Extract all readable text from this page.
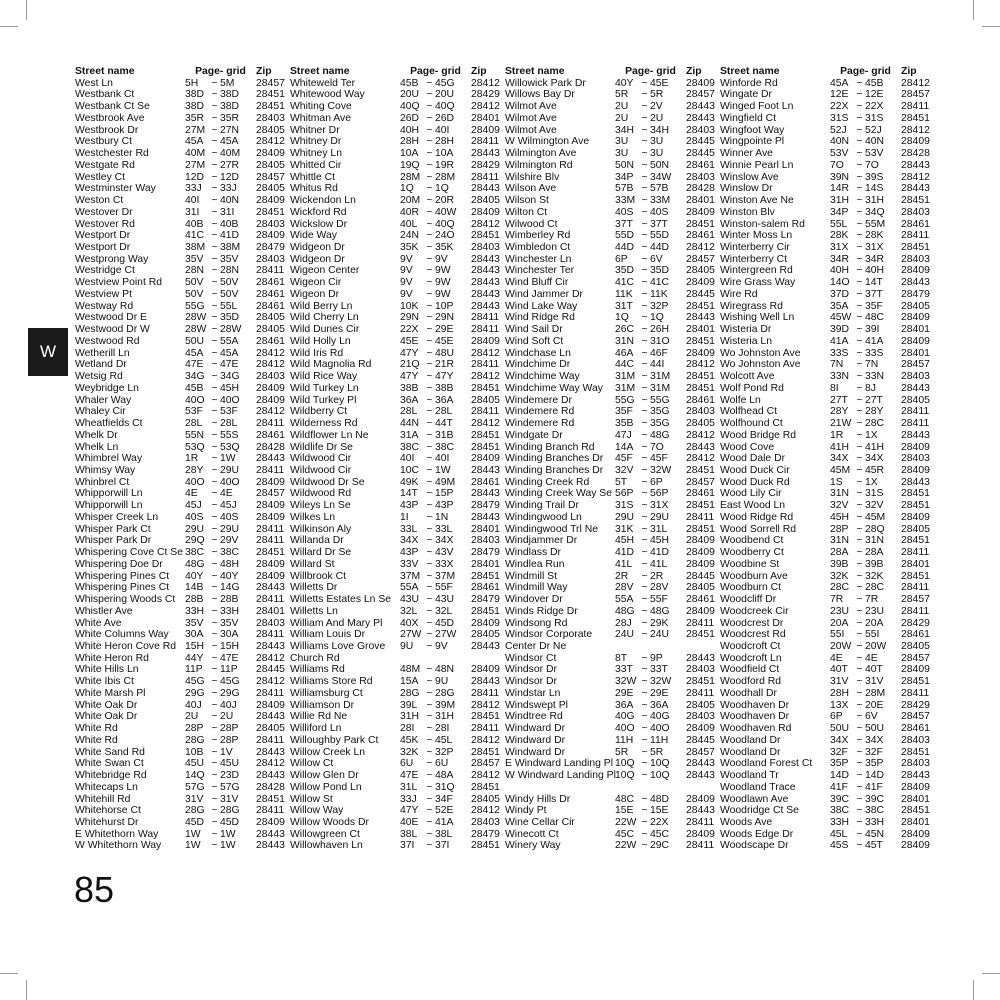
W
Street name	Page- grid Zip
West Ln	5H	~ 5M	28457
Westbank Ct	38D ~ 38D	28451
Westbank Ct Se	38D ~ 38D	28451
Westbrook Ave	35R ~ 35R	28403
Westbrook Dr	27M ~ 27N	28405
Westbury Ct	45A ~ 45A	28412
Westchester Rd	40M ~ 40M	28409
Westgate Rd	27M ~ 27R	28405
Westley Ct	12D ~ 12D	28457
Westminster Way	33J ~ 33J	28405
Weston Ct	40I	~ 40N	28409
Westover Dr	31I	~ 31I	28451
Westover Rd	40B ~ 40B	28403
Westport Dr	41C ~ 41D	28409
Westport Dr	38M ~ 38M	28479
Westprong Way	35V ~ 35V	28403
Westridge Ct	28N ~ 28N	28411
Westview Point Rd	50V ~ 50V	28461
Westview Pt	50V ~ 50V	28461
Westway Rd	55G ~ 55L	28461
Westwood Dr E	28W ~ 35D	28405
Westwood Dr W	28W ~ 28W	28405
Westwood Rd	50U ~ 55A	28461
Wetherill Ln	45A ~ 45A	28412
Wetland Dr	47E ~ 47E	28412
Wetsig Rd	34G ~ 34G	28403
Weybridge Ln	45B ~ 45H	28409
Whaler Way	40O ~ 40O	28409
Whaley Cir	53F ~ 53F	28412
Wheatfields Ct	28L ~ 28L	28411
Whelk Dr	55N ~ 55S	28461
Whelk Ln	53Q ~ 53Q	28428
Whimbrel Way	1R	~ 1W	28443
Whimsy Way	28Y ~ 29U	28411
Whinbrel Ct	40O ~ 40O	28409
Whipporwill Ln	4E	~ 4E	28457
Whipporwill Ln	45J ~ 45J	28409
Whisper Creek Ln	40S ~ 40S	28409
Whisper Park Ct	29U ~ 29U	28411
Whisper Park Dr	29Q ~ 29V	28411
Whispering Cove Ct Se 38C ~ 38C	28451
Whispering Doe Dr	48G ~ 48H	28409
Whispering Pines Ct	40Y ~ 40Y	28409
Whispering Pines Ct	14B ~ 14G	28443
Whispering Woods Ct 28B ~ 28B	28411
Whistler Ave	33H ~ 33H	28401
White Ave	35V ~ 35V	28403
White Columns Way	30A ~ 30A	28411
White Heron Cove Rd 15H ~ 15H	28443
White Heron Rd	44Y ~ 47E	28412
White Hills Ln	11P ~ 11P	28445
White Ibis Ct	45G ~ 45G	28412
White Marsh Pl	29G ~ 29G	28411
White Oak Dr	40J ~ 40J	28409
White Oak Dr	2U	~ 2U	28443
White Rd	28P ~ 28P	28405
White Rd	28G ~ 28P	28411
White Sand Rd	10B ~ 1V	28443
White Swan Ct	45U ~ 45U	28412
Whitebridge Rd	14Q ~ 23D	28443
Whitecaps Ln	57G ~ 57G	28428
Whitehill Rd	31V ~ 31V	28451
Whitehorse Ct	28G ~ 28G	28411
Whitehurst Dr	45D ~ 45D	28409
E Whitethorn Way	1W	~ 1W	28443
W Whitethorn Way	1W	~ 1W	28443
Street name	Page- grid Zip
Whiteweld Ter	45B ~ 45G	28412
Whitewood Way	20U ~ 20U	28429
Whiting Cove	40Q ~ 40Q	28412
Whitman Ave	26D ~ 26D	28401
Whitner Dr	40H ~ 40I	28409
Whitney Dr	28H ~ 28H	28411
Whitney Ln	10A ~ 10A	28443
Whitted Cir	19Q ~ 19R	28429
Whittle Ct	28M ~ 28M	28411
Whitus Rd	1Q	~ 1Q	28443
Wickendon Ln	20M ~ 20R	28405
Wickford Rd	40R ~ 40W	28409
Wickslow Dr	40L ~ 40Q	28412
Wide Way	24N ~ 24O	28451
Widgeon Dr	35K ~ 35K	28403
Widgeon Dr	9V	~ 9V	28443
Wigeon Center	9V	~ 9W	28443
Wigeon Cir	9V	~ 9W	28443
Wigeon Dr	9V	~ 9W	28443
Wild Berry Ln	10K ~ 10P	28443
Wild Cherry Ln	29N ~ 29N	28411
Wild Dunes Cir	22X ~ 29E	28411
Wild Holly Ln	45E ~ 45E	28409
Wild Iris Rd	47Y ~ 48U	28412
Wild Magnolia Rd	21Q ~ 21R	28411
Wild Rice Way	47Y ~ 47Y	28412
Wild Turkey Ln	38B ~ 38B	28451
Wild Turkey Pl	36A ~ 36A	28405
Wildberry Ct	28L ~ 28L	28411
Wilderness Rd	44N ~ 44T	28412
Wildflower Ln Ne	31A ~ 31B	28451
Wildlife Dr Se	38C ~ 38C	28451
Wildwood Cir	40I	~ 40I	28409
Wildwood Cir	10C ~ 1W	28443
Wildwood Dr Se	49K ~ 49M	28461
Wildwood Rd	14T ~ 15P	28443
Wileys Ln Se	43P ~ 43P	28479
Wilkes Ln	1I	~ 1N	28443
Wilkinson Aly	33L ~ 33L	28401
Willanda Dr	34X ~ 34X	28403
Willard Dr Se	43P ~ 43V	28479
Willard St	33V ~ 33X	28401
Willbrook Ct	37M ~ 37M	28451
Willetts Dr	55A ~ 55F	28461
Willetts Estates Ln Se 43U ~ 43U	28479
Willetts Ln	32L ~ 32L	28451
William And Mary Pl	40X ~ 45D	28409
William Louis Dr	27W ~ 27W	28405
Williams Love Grove	9U	~ 9V	28443
Church Rd
Williams Rd	48M ~ 48N	28409
Williams Store Rd	15A ~ 9U	28443
Williamsburg Ct	28G ~ 28G	28411
Williamson Dr	39L ~ 39M	28412
Willie Rd Ne	31H ~ 31H	28451
Williford Ln	28I	~ 28I	28411
Willoughby Park Ct	45K ~ 45L	28412
Willow Creek Ln	32K ~ 32P	28451
Willow Ct	6U	~ 6U	28457
Willow Glen Dr	47E ~ 48A	28412
Willow Pond Ln	31L ~ 31Q	28451
Willow St	33J ~ 34F	28405
Willow Way	47Y ~ 52E	28412
Willow Woods Dr	40E ~ 41A	28403
Willowgreen Ct	38L ~ 38L	28479
Willowhaven Ln	37I	~ 37I	28451
Street name	Page- grid Zip
Willowick Park Dr	40Y ~ 45E	28409
Willows Bay Dr	5R	~ 5R	28457
Wilmot Ave	2U	~ 2V	28443
Wilmot Ave	2U	~ 2U	28443
Wilmot Ave	34H ~ 34H	28403
W Wilmington Ave	3U	~ 3U	28445
Wilmington Ave	3U	~ 3U	28445
Wilmington Rd	50N ~ 50N	28461
Wilshire Blv	34P ~ 34W	28403
Wilson Ave	57B ~ 57B	28428
Wilson St	33M ~ 33M	28401
Wilton Ct	40S ~ 40S	28409
Wilwood Ct	37T ~ 37T	28451
Wimberley Rd	55D ~ 55D	28461
Wimbledon Ct	44D ~ 44D	28412
Winchester Ln	6P	~ 6V	28457
Winchester Ter	35D ~ 35D	28405
Wind Bluff Cir	41C ~ 41C	28409
Wind Jammer Dr	11K ~ 11K	28445
Wind Lake Way	31T ~ 32P	28451
Wind Ridge Rd	1Q	~ 1Q	28443
Wind Sail Dr	26C ~ 26H	28401
Wind Soft Ct	31N ~ 31O	28451
Windchase Ln	46A ~ 46F	28409
Windchime Dr	44C ~ 44I	28412
Windchime Way	31M ~ 31M	28451
Windchime Way Way	31M ~ 31M	28451
Windemere Dr	55G ~ 55G	28461
Windemere Rd	35F ~ 35G	28403
Windemere Rd	35B ~ 35G	28405
Windgate Dr	47J ~ 48G	28412
Winding Branch Rd	14A ~ 7O	28443
Winding Branches Dr	45F ~ 45F	28412
Winding Branches Dr	32V ~ 32W	28451
Winding Creek Rd	5T	~ 6P	28457
Winding Creek Way Se 56P ~ 56P	28461
Winding Trail Dr	31S ~ 31X	28451
Windingwood Ln	29U ~ 29U	28411
Windingwood Trl Ne	31K ~ 31L	28451
Windjammer Dr	45H ~ 45H	28409
Windlass Dr	41D ~ 41D	28409
Windlea Run	41L ~ 41L	28409
Windmill St	2R	~ 2R	28445
Windmill Way	28V ~ 28V	28405
Windover Dr	55A ~ 55F	28461
Winds Ridge Dr	48G ~ 48G	28409
Windsong Rd	28J ~ 29K	28411
Windsor Corporate	24U ~ 24U	28451
Center Dr Ne
Windsor Ct	8T	~ 9P	28443
Windsor Dr	33T ~ 33T	28403
Windsor Dr	32W ~ 32W	28451
Windstar Ln	29E ~ 29E	28411
Windswept Pl	36A ~ 36A	28405
Windtree Rd	40G ~ 40G	28403
Windward Dr	40O ~ 40O	28409
Windward Dr	11H ~ 11H	28445
Windward Dr	5R	~ 5R	28457
E Windward Landing Pl 10Q ~ 10Q	28443
W Windward Landing Pl 10Q ~ 10Q	28443
Windy Hills Dr	48C ~ 48D	28409
Windy Pt	15E ~ 15E	28443
Wine Cellar Cir	22W ~ 22X	28411
Winecott Ct	45C ~ 45C	28409
Winery Way	22W ~ 29C	28411
Street name	Page- grid Zip
Winforde Rd	45A ~ 45B	28412
Wingate Dr	12E ~ 12E	28457
Winged Foot Ln	22X ~ 22X	28411
Wingfield Ct	31S ~ 31S	28451
Wingfoot Way	52J ~ 52J	28412
Wingpointe Pl	40N ~ 40N	28409
Winner Ave	53V ~ 53V	28428
Winnie Pearl Ln	7O	~ 7O	28443
Winslow Ave	39N ~ 39S	28412
Winslow Dr	14R ~ 14S	28443
Winston Ave Ne	31H ~ 31H	28451
Winston Blv	34P ~ 34Q	28403
Winston-salem Rd	55L ~ 55M	28461
Winter Moss Ln	28K ~ 28K	28411
Winterberry Cir	31X ~ 31X	28451
Winterberry Ct	34R ~ 34R	28403
Wintergreen Rd	40H ~ 40H	28409
Wire Grass Way	14O ~ 14T	28443
Wire Rd	37D ~ 37T	28479
Wiregrass Rd	35A ~ 35F	28405
Wishing Well Ln	45W ~ 48C	28409
Wisteria Dr	39D ~ 39I	28401
Wisteria Ln	41A ~ 41A	28409
Wo Johnston Ave	33S ~ 33S	28401
Wo Johnston Ave	7N	~ 7N	28457
Wolcott Ave	33N ~ 33N	28403
Wolf Pond Rd	8I	~ 8J	28443
Wolfe Ln	27T ~ 27T	28405
Wolfhead Ct	28Y ~ 28Y	28411
Wolfhound Ct	21W ~ 28C	28411
Wood Bridge Rd	1R	~ 1X	28443
Wood Cove	41H ~ 41H	28409
Wood Dale Dr	34X ~ 34X	28403
Wood Duck Cir	45M ~ 45R	28409
Wood Duck Rd	1S	~ 1X	28443
Wood Lily Cir	31N ~ 31S	28451
East Wood Ln	32V ~ 32V	28451
Wood Ridge Rd	45H ~ 45M	28409
Wood Sorrell Rd	28P ~ 28Q	28405
Woodbend Ct	31N ~ 31N	28451
Woodberry Ct	28A ~ 28A	28411
Woodbine St	39B ~ 39B	28401
Woodburn Ave	32K ~ 32K	28451
Woodburn Ct	28C ~ 28C	28411
Woodcliff Dr	7R	~ 7R	28457
Woodcreek Cir	23U ~ 23U	28411
Woodcrest Dr	20A ~ 20A	28429
Woodcrest Rd	55I	~ 55I	28461
Woodcroft Ct	20W ~ 20W	28405
Woodcroft Ln	4E	~ 4E	28457
Woodfield Ct	40T ~ 40T	28409
Woodford Rd	31V ~ 31V	28451
Woodhall Dr	28H ~ 28M	28411
Woodhaven Dr	13X ~ 20E	28429
Woodhaven Dr	6P	~ 6V	28457
Woodhaven Rd	50U ~ 50U	28461
Woodland Dr	34X ~ 34X	28403
Woodland Dr	32F ~ 32F	28451
Woodland Forest Ct	35P ~ 35P	28403
Woodland Tr	14D ~ 14D	28443
Woodland Trace	41F ~ 41F	28409
Woodlawn Ave	39C ~ 39C	28401
Woodridge Ct Se	38C ~ 38C	28451
Woods Ave	33H ~ 33H	28401
Woods Edge Dr	45L ~ 45N	28409
Woodscape Dr	45S ~ 45T	28409
85
